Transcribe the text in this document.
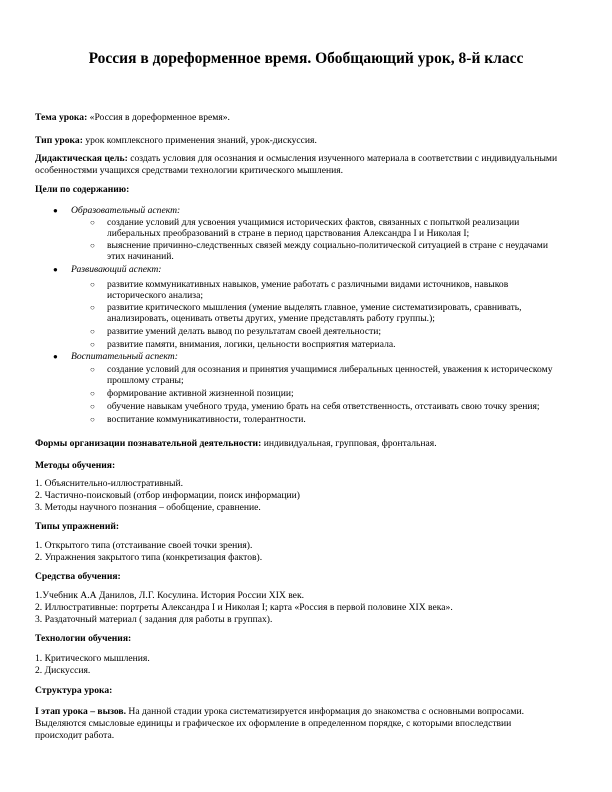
Россия в дореформенное время. Обобщающий урок, 8-й класс
Тема урока: «Россия в дореформенное время».
Тип урока: урок комплексного применения знаний, урок-дискуссия.
Дидактическая цель: создать условия для осознания и осмысления изученного материала в соответствии с индивидуальными
особенностями учащихся средствами технологии критического мышления.
Цели по содержанию:
● Образовательный аспект:
○ создание условий для усвоения учащимися исторических фактов, связанных с попыткой реализации
либеральных преобразований в стране в период царствования Александра I и Николая I;
○ выяснение причинно-следственных связей между социально-политической ситуацией в стране с неудачами
этих начинаний.
● Развивающий аспект:
○ развитие коммуникативных навыков, умение работать с различными видами источников, навыков
исторического анализа;
○ развитие критического мышления (умение выделять главное, умение систематизировать, сравнивать,
анализировать, оценивать ответы других, умение представлять работу группы.);
○ развитие умений делать вывод по результатам своей деятельности;
○ развитие памяти, внимания, логики, цельности восприятия материала.
● Воспитательный аспект:
○ создание условий для осознания и принятия учащимися либеральных ценностей, уважения к историческому
прошлому страны;
○ формирование активной жизненной позиции;
○ обучение навыкам учебного труда, умению брать на себя ответственность, отстаивать свою точку зрения;
○ воспитание коммуникативности, толерантности.
Формы организации познавательной деятельности: индивидуальная, групповая, фронтальная.
Методы обучения:
1. Объяснительно-иллюстративный.
2. Частично-поисковый (отбор информации, поиск информации)
3. Методы научного познания – обобщение, сравнение.
Типы упражнений:
1. Открытого типа (отстаивание своей точки зрения).
2. Упражнения закрытого типа (конкретизация фактов).
Средства обучения:
1.Учебник А.А Данилов, Л.Г. Косулина. История России XIX век.
2. Иллюстративные: портреты Александра I и Николая I; карта «Россия в первой половине XIX века».
3. Раздаточный материал ( задания для работы в группах).
Технологии обучения:
1. Критического мышления.
2. Дискуссия.
Структура урока:
I этап урока – вызов. На данной стадии урока систематизируется информация до знакомства с основными вопросами.
Выделяются смысловые единицы и графическое их оформление в определенном порядке, с которыми впоследствии
происходит работа.
